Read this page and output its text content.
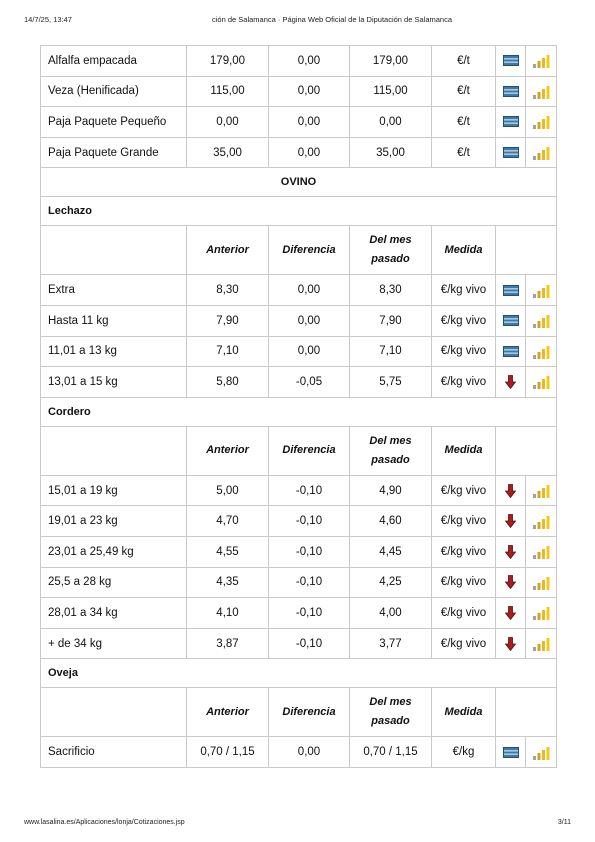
14/7/25, 13:47	ción de Salamanca · Página Web Oficial de la Diputación de Salamanca
Alfalfa empacada	179,00	0,00	179,00	€/t	

Veza (Henificada)	115,00	0,00	115,00	€/t	

Paja Paquete Pequeño	0,00	0,00	0,00	€/t	

Paja Paquete Grande	35,00	0,00	35,00	€/t	

OVINO						
Lechazo						
	Anterior	Diferencia	Del mes pasado	Medida		
Extra	8,30	0,00	8,30	€/kg vivo	

Hasta 11 kg	7,90	0,00	7,90	€/kg vivo	

11,01 a 13 kg	7,10	0,00	7,10	€/kg vivo	

13,01 a 15 kg	5,80	-0,05	5,75	€/kg vivo	

Cordero						
	Anterior	Diferencia	Del mes pasado	Medida		
15,01 a 19 kg	5,00	-0,10	4,90	€/kg vivo	

19,01 a 23 kg	4,70	-0,10	4,60	€/kg vivo	

23,01 a 25,49 kg	4,55	-0,10	4,45	€/kg vivo	

25,5 a 28 kg	4,35	-0,10	4,25	€/kg vivo	

28,01 a 34 kg	4,10	-0,10	4,00	€/kg vivo	

+ de 34 kg	3,87	-0,10	3,77	€/kg vivo	

Oveja						
	Anterior	Diferencia	Del mes pasado	Medida		
Sacrificio	0,70 / 1,15	0,00	0,70 / 1,15	€/kg	

www.lasalina.es/Aplicaciones/lonja/Cotizaciones.jsp	3/11
